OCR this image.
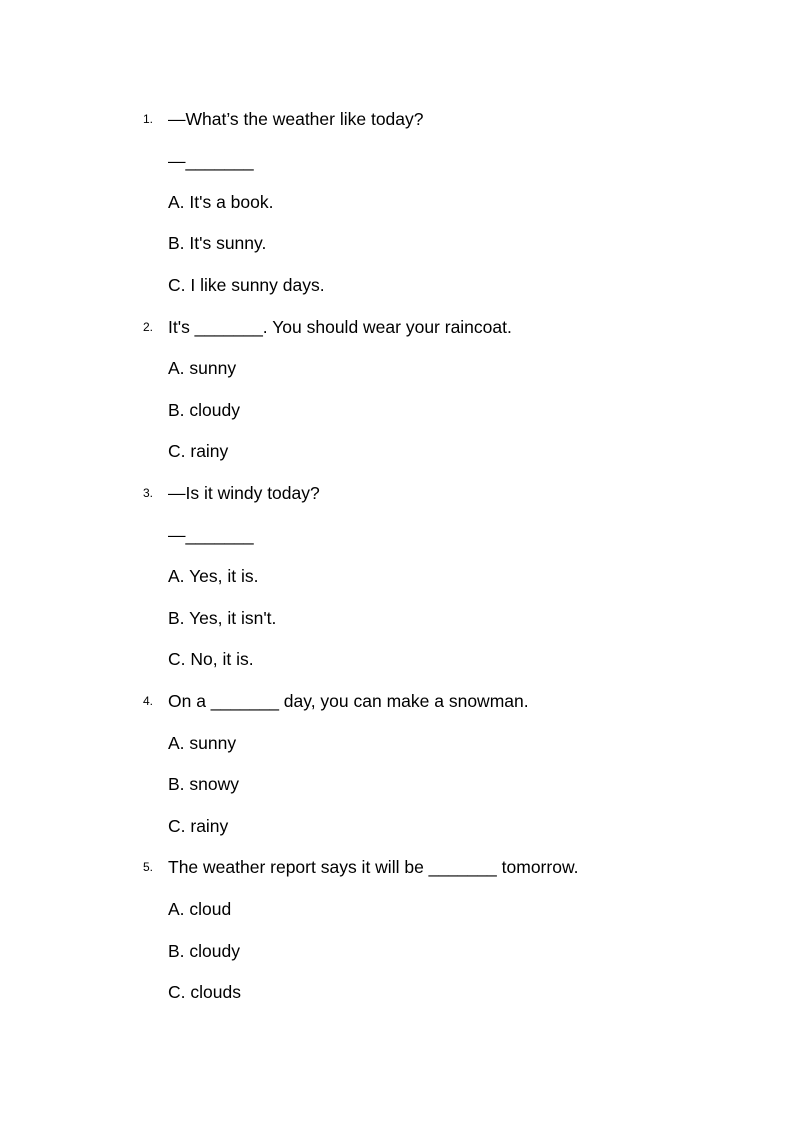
1. —What’s the weather like today?
—_______
A. It's a book.
B. It's sunny.
C. I like sunny days.
2. It's _______. You should wear your raincoat.
A. sunny
B. cloudy
C. rainy
3. —Is it windy today?
—_______
A. Yes, it is.
B. Yes, it isn't.
C. No, it is.
4. On a _______ day, you can make a snowman.
A. sunny
B. snowy
C. rainy
5. The weather report says it will be _______ tomorrow.
A. cloud
B. cloudy
C. clouds
